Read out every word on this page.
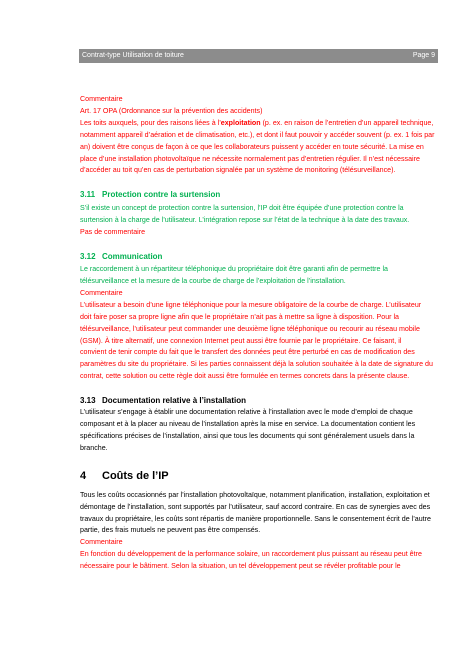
Contrat-type Utilisation de toiture	Page 9

Commentaire

Art. 17 OPA (Ordonnance sur la prévention des accidents)

Les toits auxquels, pour des raisons liées à l’exploitation (p. ex. en raison de l’entretien d’un appareil technique,

notamment appareil d’aération et de climatisation, etc.), et dont il faut pouvoir y accéder souvent (p. ex. 1 fois par

an) doivent être conçus de façon à ce que les collaborateurs puissent y accéder en toute sécurité. La mise en

place d’une installation photovoltaïque ne nécessite normalement pas d’entretien régulier. Il n’est nécessaire

d’accéder au toit qu’en cas de perturbation signalée par un système de monitoring (télésurveillance).

3.11 Protection contre la surtension

S’il existe un concept de protection contre la surtension, l’IP doit être équipée d’une protection contre la

surtension à la charge de l’utilisateur. L’intégration repose sur l’état de la technique à la date des travaux.

Pas de commentaire

3.12 Communication

Le raccordement à un répartiteur téléphonique du propriétaire doit être garanti afin de permettre la

télésurveillance et la mesure de la courbe de charge de l’exploitation de l’installation.

Commentaire

L’utilisateur a besoin d’une ligne téléphonique pour la mesure obligatoire de la courbe de charge. L’utilisateur

doit faire poser sa propre ligne afin que le propriétaire n’ait pas à mettre sa ligne à disposition. Pour la

télésurveillance, l’utilisateur peut commander une deuxième ligne téléphonique ou recourir au réseau mobile

(GSM). À titre alternatif, une connexion Internet peut aussi être fournie par le propriétaire. Ce faisant, il

convient de tenir compte du fait que le transfert des données peut être perturbé en cas de modification des

paramètres du site du propriétaire. Si les parties connaissent déjà la solution souhaitée à la date de signature du

contrat, cette solution ou cette règle doit aussi être formulée en termes concrets dans la présente clause.

3.13 Documentation relative à l’installation

L’utilisateur s’engage à établir une documentation relative à l’installation avec le mode d’emploi de chaque

composant et à la placer au niveau de l’installation après la mise en service. La documentation contient les

spécifications précises de l’installation, ainsi que tous les documents qui sont généralement usuels dans la

branche.

4 Coûts de l’IP

Tous les coûts occasionnés par l’installation photovoltaïque, notamment planification, installation, exploitation et

démontage de l’installation, sont supportés par l’utilisateur, sauf accord contraire. En cas de synergies avec des

travaux du propriétaire, les coûts sont répartis de manière proportionnelle. Sans le consentement écrit de l’autre

partie, des frais mutuels ne peuvent pas être compensés.

Commentaire

En fonction du développement de la performance solaire, un raccordement plus puissant au réseau peut être

nécessaire pour le bâtiment. Selon la situation, un tel développement peut se révéler profitable pour le
